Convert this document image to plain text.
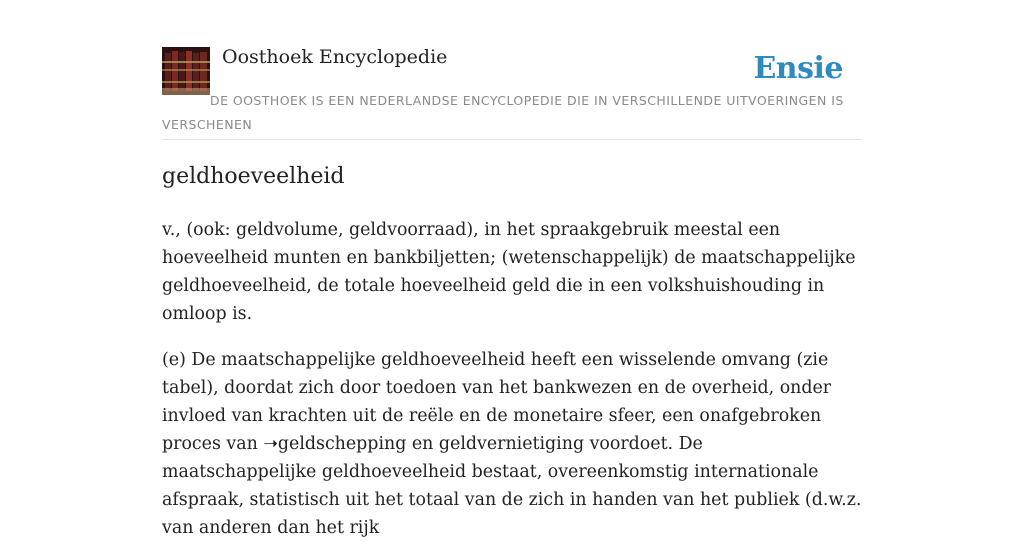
Oosthoek Encyclopedie	Ensie
DE OOSTHOEK IS EEN NEDERLANDSE ENCYCLOPEDIE DIE IN VERSCHILLENDE UITVOERINGEN IS VERSCHENEN
geldhoeveelheid

v., (ook: geldvolume, geldvoorraad), in het spraakgebruik meestal een hoeveelheid munten en bankbiljetten; (wetenschappelijk) de maatschappelijke geldhoeveelheid, de totale hoeveelheid geld die in een volkshuishouding in omloop is.

(e) De maatschappelijke geldhoeveelheid heeft een wisselende omvang (zie tabel), doordat zich door toedoen van het bankwezen en de overheid, onder invloed van krachten uit de reële en de monetaire sfeer, een onafgebroken proces van ➝geldschepping en geldvernietiging voordoet. De maatschappelijke geldhoeveelheid bestaat, overeenkomstig internationale afspraak, statistisch uit het totaal van de zich in handen van het publiek (d.w.z. van anderen dan het rijk
